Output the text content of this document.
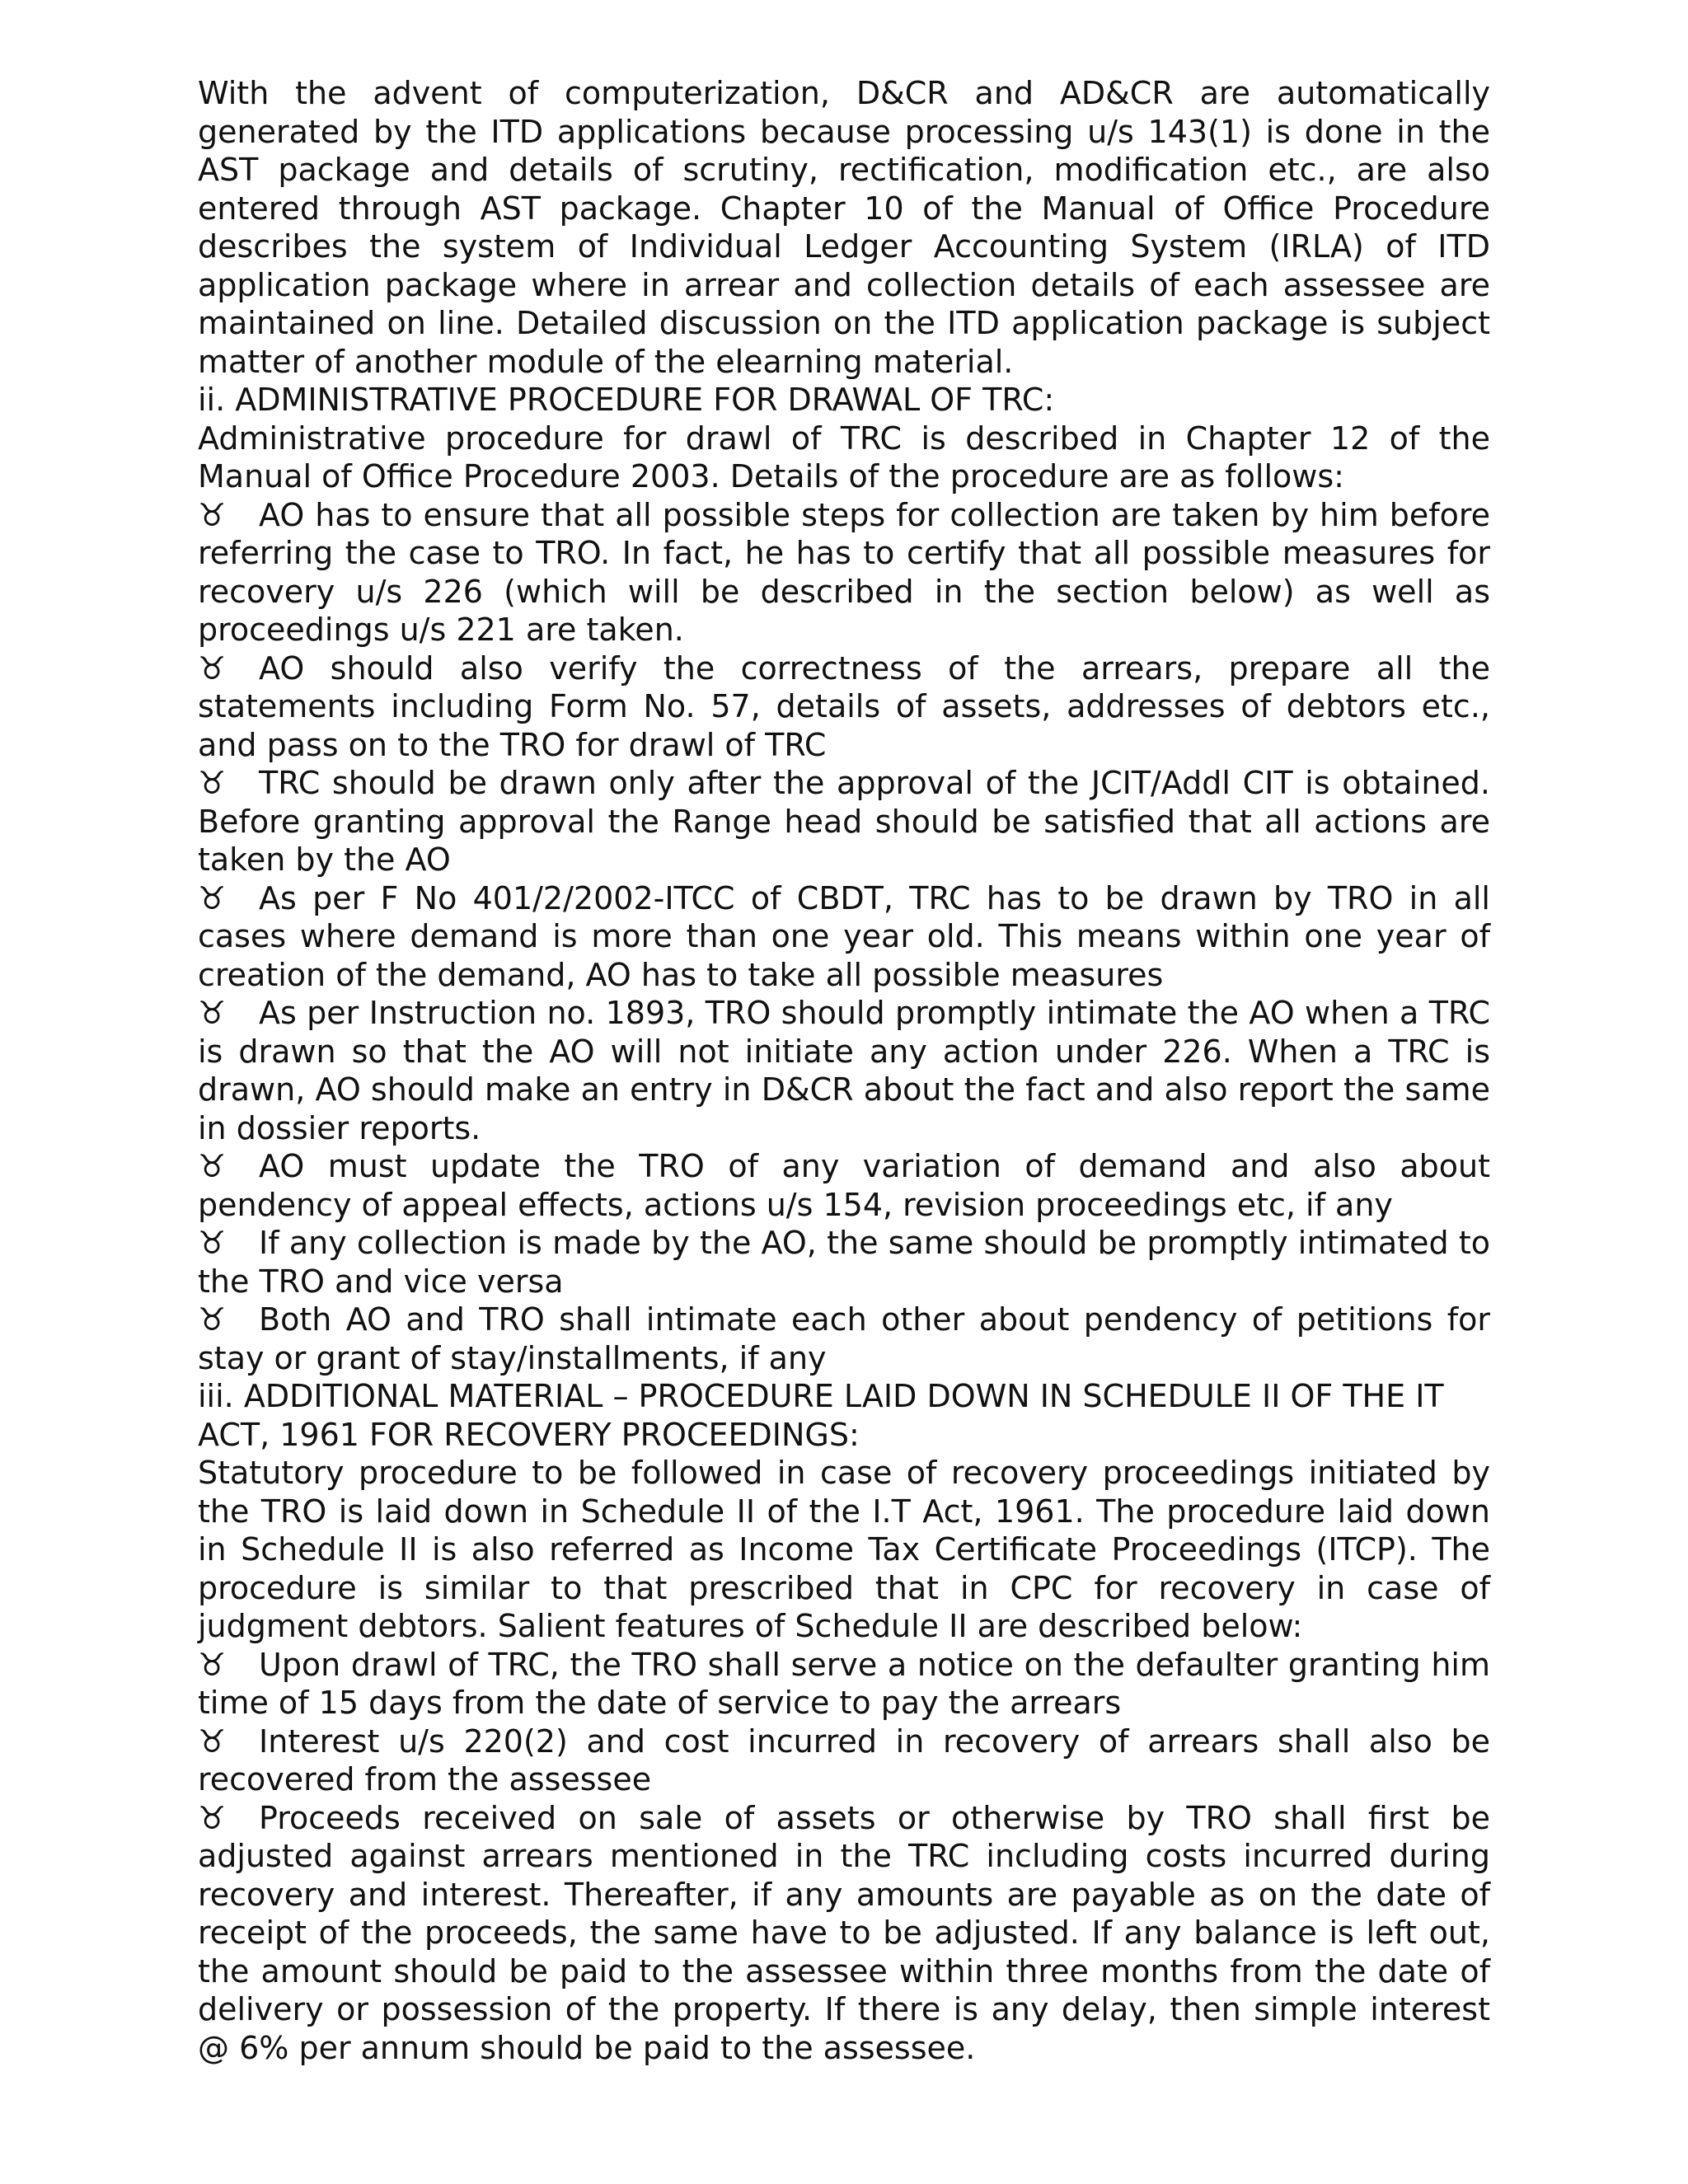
With the advent of computerization, D&CR and AD&CR are automatically generated by the ITD applications because processing u/s 143(1) is done in the AST package and details of scrutiny, rectification, modification etc., are also entered through AST package. Chapter 10 of the Manual of Office Procedure describes the system of Individual Ledger Accounting System (IRLA) of ITD application package where in arrear and collection details of each assessee are maintained on line. Detailed discussion on the ITD application package is subject matter of another module of the elearning material.

ii. ADMINISTRATIVE PROCEDURE FOR DRAWAL OF TRC:

Administrative procedure for drawl of TRC is described in Chapter 12 of the Manual of Office Procedure 2003. Details of the procedure are as follows:

♉ AO has to ensure that all possible steps for collection are taken by him before referring the case to TRO. In fact, he has to certify that all possible measures for recovery u/s 226 (which will be described in the section below) as well as proceedings u/s 221 are taken.

♉ AO should also verify the correctness of the arrears, prepare all the statements including Form No. 57, details of assets, addresses of debtors etc., and pass on to the TRO for drawl of TRC

♉ TRC should be drawn only after the approval of the JCIT/Addl CIT is obtained. Before granting approval the Range head should be satisfied that all actions are taken by the AO

♉ As per F No 401/2/2002-ITCC of CBDT, TRC has to be drawn by TRO in all cases where demand is more than one year old. This means within one year of creation of the demand, AO has to take all possible measures

♉ As per Instruction no. 1893, TRO should promptly intimate the AO when a TRC is drawn so that the AO will not initiate any action under 226. When a TRC is drawn, AO should make an entry in D&CR about the fact and also report the same in dossier reports.

♉ AO must update the TRO of any variation of demand and also about pendency of appeal effects, actions u/s 154, revision proceedings etc, if any

♉ If any collection is made by the AO, the same should be promptly intimated to the TRO and vice versa

♉ Both AO and TRO shall intimate each other about pendency of petitions for stay or grant of stay/installments, if any

iii. ADDITIONAL MATERIAL – PROCEDURE LAID DOWN IN SCHEDULE II OF THE IT ACT, 1961 FOR RECOVERY PROCEEDINGS:

Statutory procedure to be followed in case of recovery proceedings initiated by the TRO is laid down in Schedule II of the I.T Act, 1961. The procedure laid down in Schedule II is also referred as Income Tax Certificate Proceedings (ITCP). The procedure is similar to that prescribed that in CPC for recovery in case of judgment debtors. Salient features of Schedule II are described below:

♉ Upon drawl of TRC, the TRO shall serve a notice on the defaulter granting him time of 15 days from the date of service to pay the arrears

♉ Interest u/s 220(2) and cost incurred in recovery of arrears shall also be recovered from the assessee

♉ Proceeds received on sale of assets or otherwise by TRO shall first be adjusted against arrears mentioned in the TRC including costs incurred during recovery and interest. Thereafter, if any amounts are payable as on the date of receipt of the proceeds, the same have to be adjusted. If any balance is left out, the amount should be paid to the assessee within three months from the date of delivery or possession of the property. If there is any delay, then simple interest @ 6% per annum should be paid to the assessee.
